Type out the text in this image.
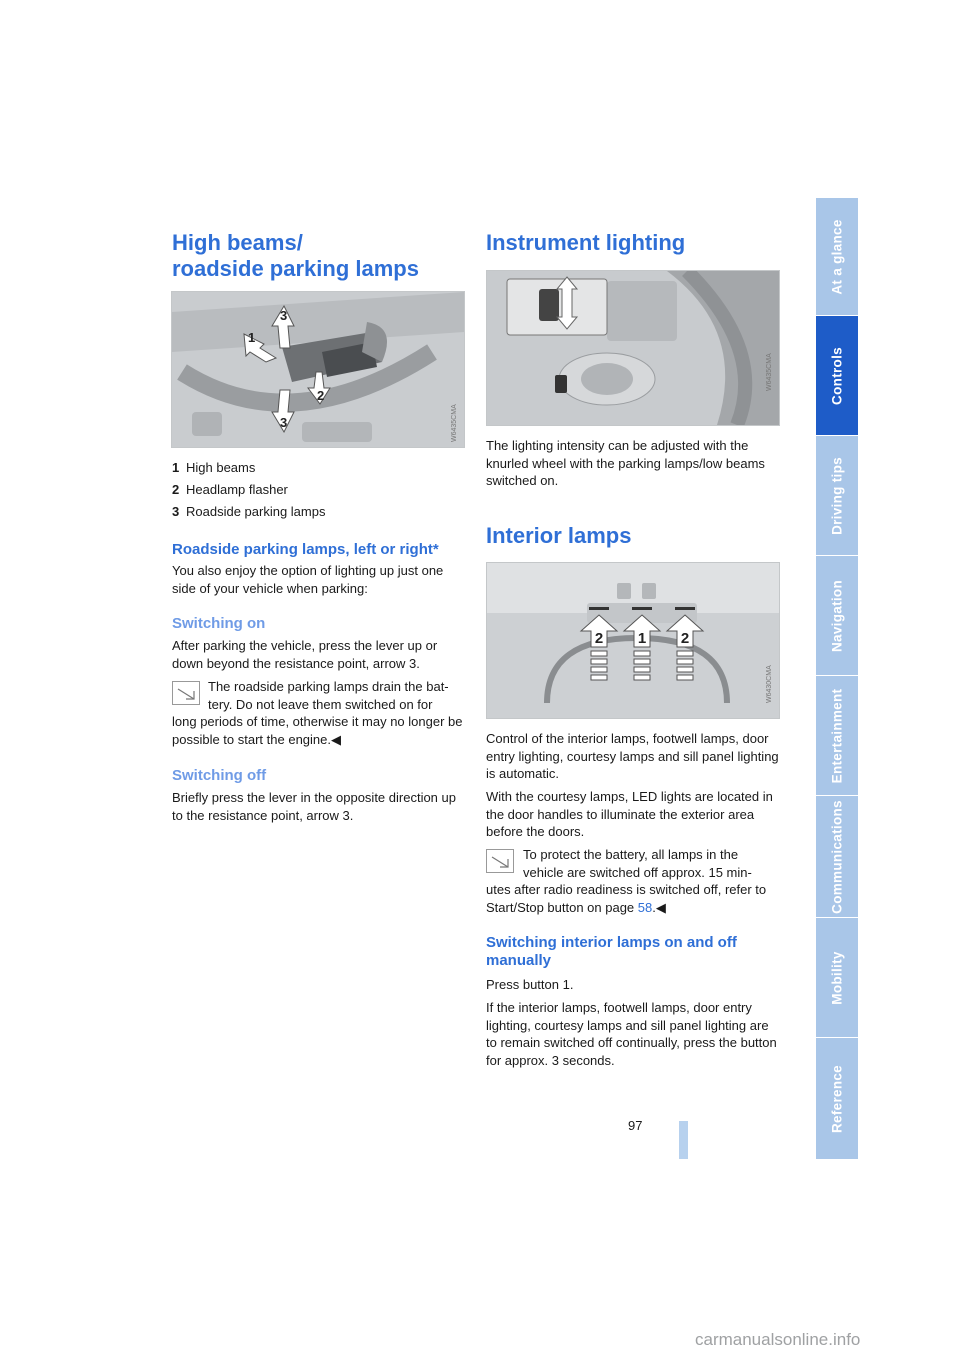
High beams/
roadside parking lamps
1
3
3
2
W6435CMA
1 High beams
2 Headlamp flasher
3 Roadside parking lamps
Roadside parking lamps, left or right*

You also enjoy the option of lighting up just one side of your vehicle when parking:

Switching on

After parking the vehicle, press the lever up or down beyond the resistance point, arrow 3.

The roadside parking lamps drain the bat-tery. Do not leave them switched on for

long periods of time, otherwise it may no longer be possible to start the engine.◀

Switching off

Briefly press the lever in the opposite direction up to the resistance point, arrow 3.

Instrument lighting
W6435CMA

The lighting intensity can be adjusted with the knurled wheel with the parking lamps/low beams switched on.

Interior lamps
2 1 2
W6430CMA

Control of the interior lamps, footwell lamps, door entry lighting, courtesy lamps and sill panel lighting is automatic.

With the courtesy lamps, LED lights are located in the door handles to illuminate the exterior area before the doors.

To protect the battery, all lamps in the vehicle are switched off approx. 15 min-

utes after radio readiness is switched off, refer to Start/Stop button on page 58.◀

Switching interior lamps on and off manually

Press button 1.

If the interior lamps, footwell lamps, door entry lighting, courtesy lamps and sill panel lighting are to remain switched off continually, press the button for approx. 3 seconds.

At a glance
Controls
Driving tips
Navigation
Entertainment
Communications
Mobility
Reference
97
carmanualsonline.info
